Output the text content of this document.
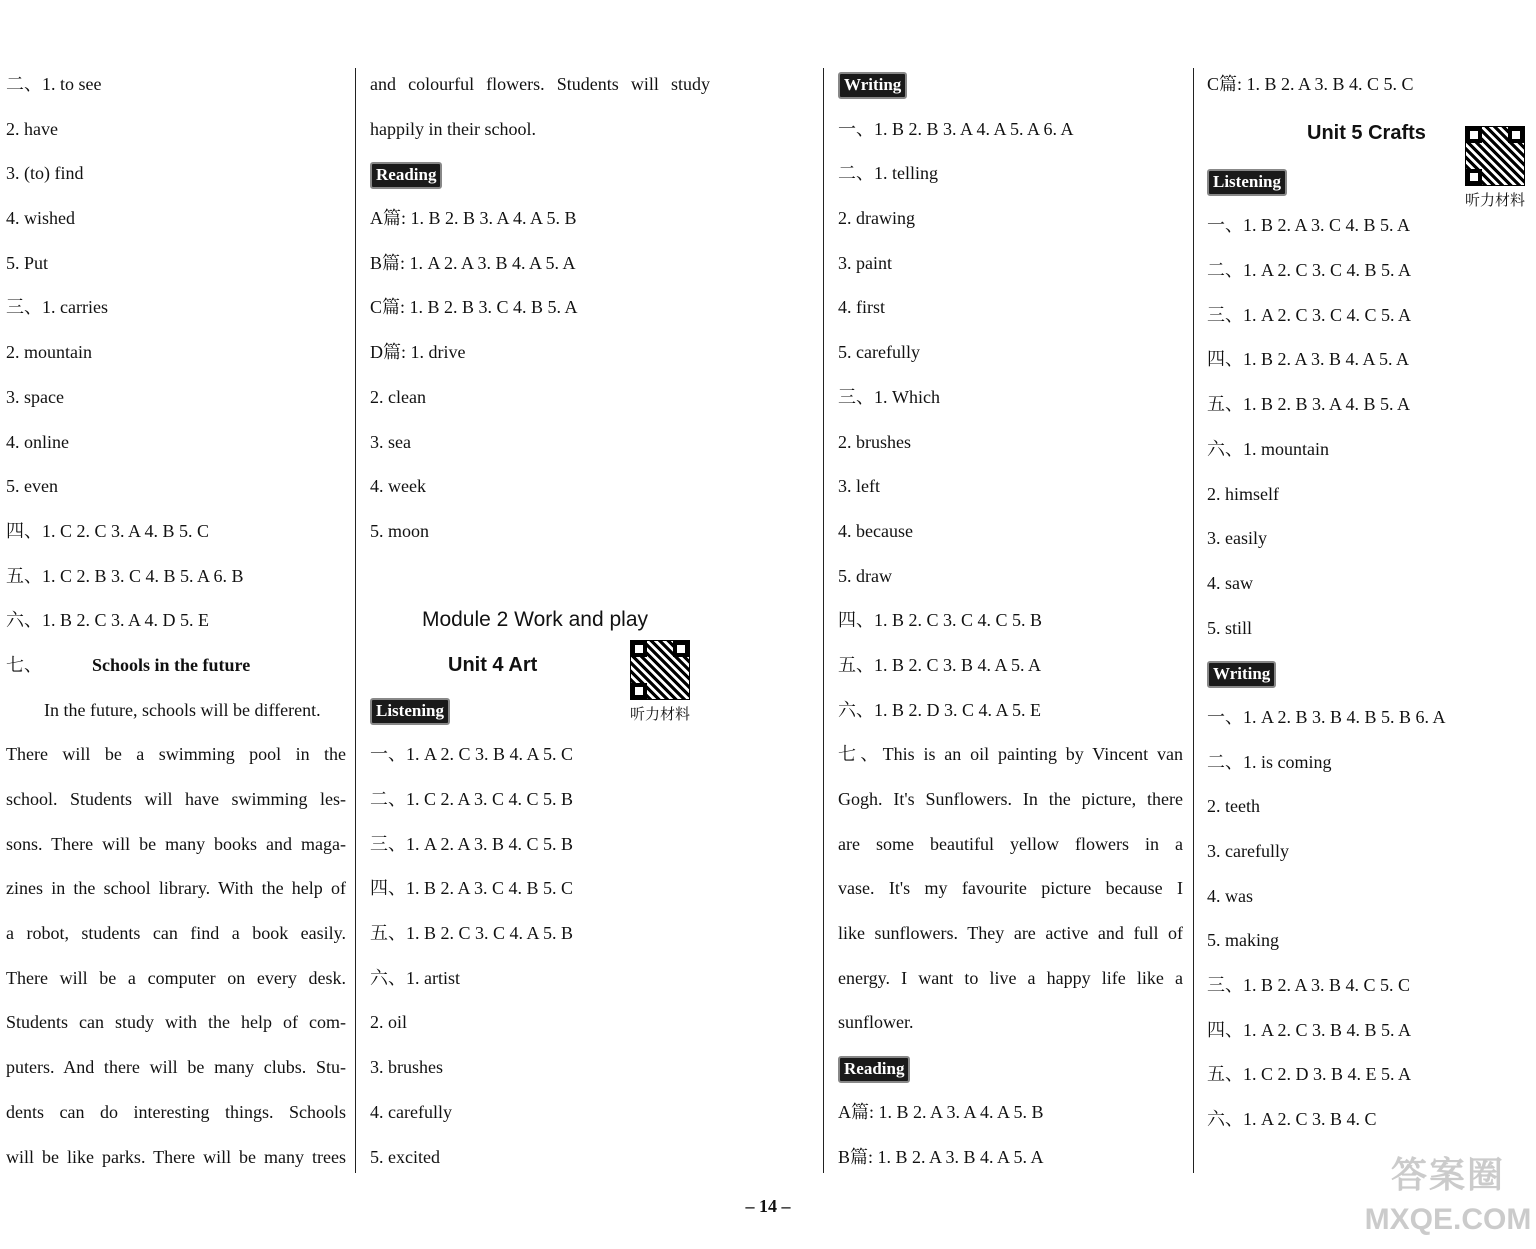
二、1. to see
2. have
3. (to) find
4. wished
5. Put
三、1. carries
2. mountain
3. space
4. online
5. even
四、1. C 2. C 3. A 4. B 5. C
五、1. C 2. B 3. C 4. B 5. A 6. B
六、1. B 2. C 3. A 4. D 5. E
七、	Schools in the future
In the future, schools will be different.
There will be a swimming pool in the
school. Students will have swimming les-
sons. There will be many books and maga-
zines in the school library. With the help of
a robot, students can find a book easily.
There will be a computer on every desk.
Students can study with the help of com-
puters. And there will be many clubs. Stu-
dents can do interesting things. Schools
will be like parks. There will be many trees
and colourful flowers. Students will study
happily in their school.
Reading
A篇: 1. B 2. B 3. A 4. A 5. B
B篇: 1. A 2. A 3. B 4. A 5. A
C篇: 1. B 2. B 3. C 4. B 5. A
D篇: 1. drive
2. clean
3. sea
4. week
5. moon
Module 2 Work and play
Unit 4 Art
Listening
一、1. A 2. C 3. B 4. A 5. C
二、1. C 2. A 3. C 4. C 5. B
三、1. A 2. A 3. B 4. C 5. B
四、1. B 2. A 3. C 4. B 5. C
五、1. B 2. C 3. C 4. A 5. B
六、1. artist
2. oil
3. brushes
4. carefully
5. excited
听力材料
Writing
一、1. B 2. B 3. A 4. A 5. A 6. A
二、1. telling
2. drawing
3. paint
4. first
5. carefully
三、1. Which
2. brushes
3. left
4. because
5. draw
四、1. B 2. C 3. C 4. C 5. B
五、1. B 2. C 3. B 4. A 5. A
六、1. B 2. D 3. C 4. A 5. E
七、This is an oil painting by Vincent van
Gogh. It's Sunflowers. In the picture, there
are some beautiful yellow flowers in a
vase. It's my favourite picture because I
like sunflowers. They are active and full of
energy. I want to live a happy life like a
sunflower.
Reading
A篇: 1. B 2. A 3. A 4. A 5. B
B篇: 1. B 2. A 3. B 4. A 5. A
C篇: 1. B 2. A 3. B 4. C 5. C
Unit 5 Crafts
Listening
一、1. B 2. A 3. C 4. B 5. A
二、1. A 2. C 3. C 4. B 5. A
三、1. A 2. C 3. C 4. C 5. A
四、1. B 2. A 3. B 4. A 5. A
五、1. B 2. B 3. A 4. B 5. A
六、1. mountain
2. himself
3. easily
4. saw
5. still
Writing
一、1. A 2. B 3. B 4. B 5. B 6. A
二、1. is coming
2. teeth
3. carefully
4. was
5. making
三、1. B 2. A 3. B 4. C 5. C
四、1. A 2. C 3. B 4. B 5. A
五、1. C 2. D 3. B 4. E 5. A
六、1. A 2. C 3. B 4. C
听力材料
– 14 –
答案圈
MXQE.COM
